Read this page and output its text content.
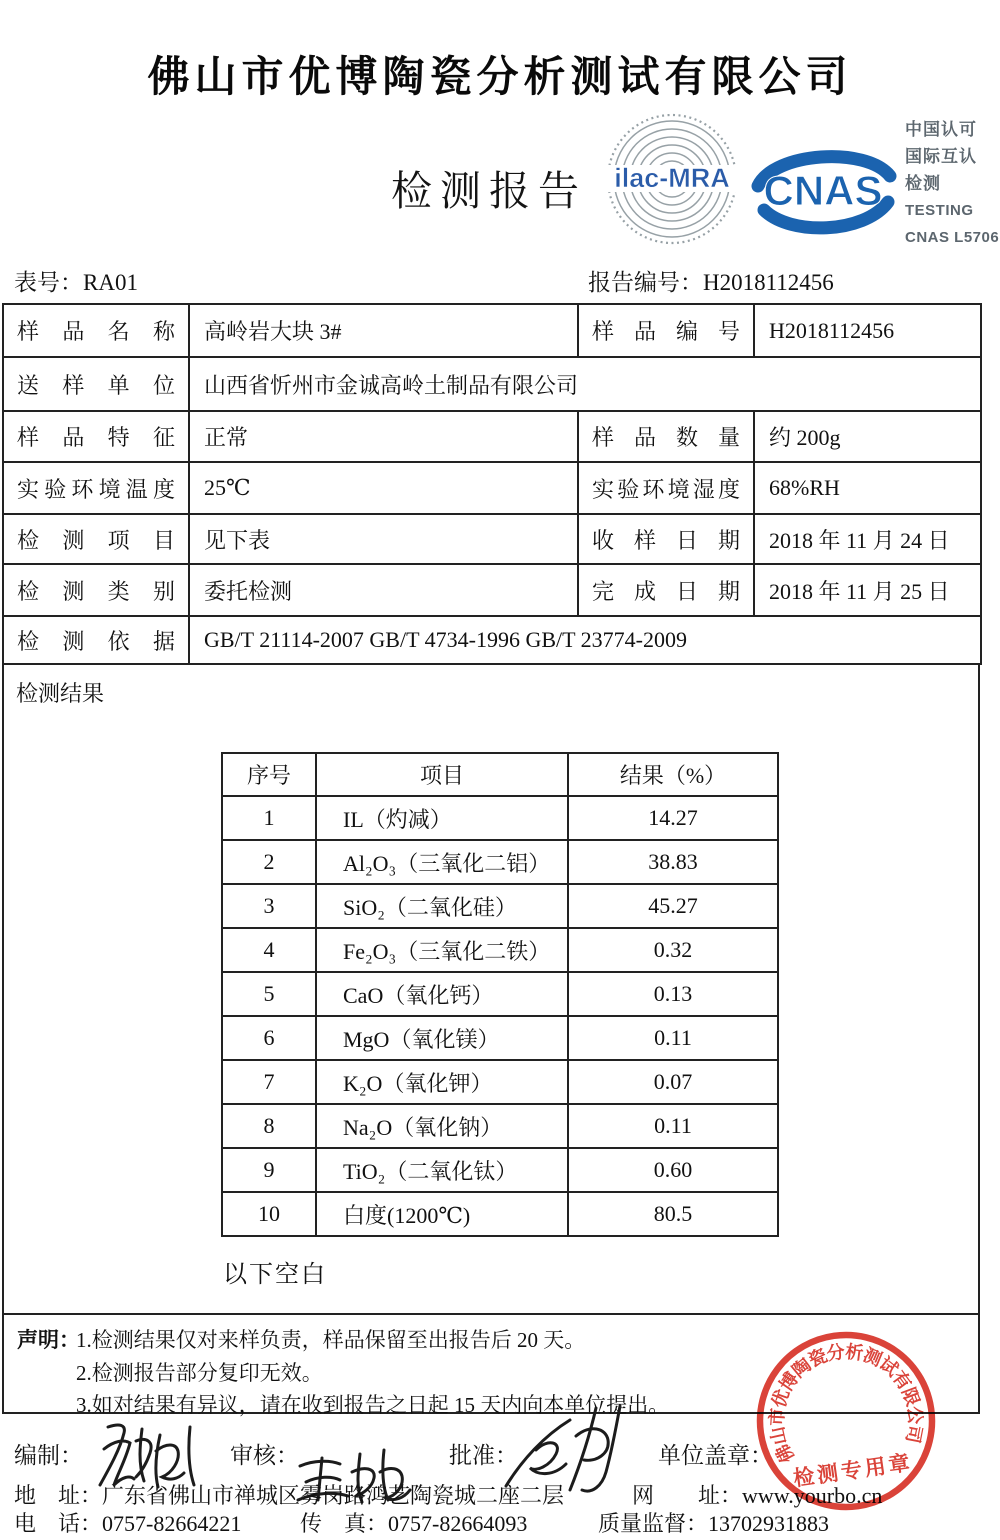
佛山市优博陶瓷分析测试有限公司
检测报告 ilac-MRA CNAS
中国认可
国际互认
检测
TESTING
CNAS L5706
表号：RA01	报告编号：H2018112456
样品名称	高岭岩大块 3#	样品编号	H2018112456
送样单位	山西省忻州市金诚高岭土制品有限公司		
样品特征	正常	样品数量	约 200g
实验环境温度	25℃	实验环境湿度	68%RH
检测项目	见下表	收样日期	2018 年 11 月 24 日
检测类别	委托检测	完成日期	2018 年 11 月 25 日
检测依据	GB/T 21114-2007 GB/T 4734-1996 GB/T 23774-2009		
检测结果
序号	项目	结果（%）
1	IL（灼减）	14.27
2	Al₂O₃（三氧化二铝）	38.83
3	SiO₂（二氧化硅）	45.27
4	Fe₂O₃（三氧化二铁）	0.32
5	CaO（氧化钙）	0.13
6	MgO（氧化镁）	0.11
7	K₂O（氧化钾）	0.07
8	Na₂O（氧化钠）	0.11
9	TiO₂（二氧化钛）	0.60
10	白度(1200℃)	80.5
以下空白
声明：
1.检测结果仅对来样负责，样品保留至出报告后 20 天。
2.检测报告部分复印无效。
3.如对结果有异议，请在收到报告之日起 15 天内向本单位提出。
编制：	审核：	批准：	单位盖章：
地　址：广东省佛山市禅城区雾岗路鸿艺陶瓷城二座二层	网　　址：www.yourbo.cn
电　话：0757-82664221	传　真：0757-82664093	质量监督：13702931883
佛山市优博陶瓷分析测试有限公司
检测专用章
